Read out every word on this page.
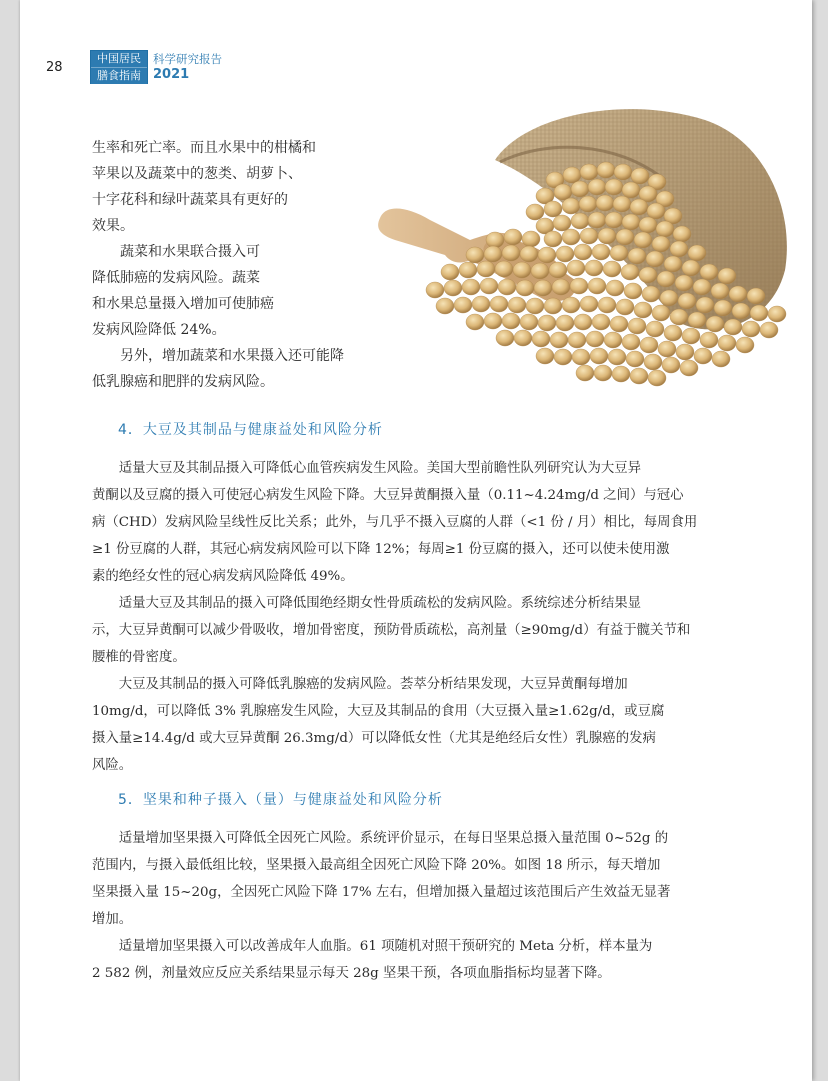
28
中国居民
膳食指南
科学研究报告
2021
生率和死亡率。而且水果中的柑橘和
苹果以及蔬菜中的葱类、胡萝卜、
十字花科和绿叶蔬菜具有更好的
效果。
　　蔬菜和水果联合摄入可
降低肺癌的发病风险。蔬菜
和水果总量摄入增加可使肺癌
发病风险降低 24%。
　　另外，增加蔬菜和水果摄入还可能降
低乳腺癌和肥胖的发病风险。
4．大豆及其制品与健康益处和风险分析
　　适量大豆及其制品摄入可降低心血管疾病发生风险。美国大型前瞻性队列研究认为大豆异
黄酮以及豆腐的摄入可使冠心病发生风险下降。大豆异黄酮摄入量（0.11~4.24mg/d 之间）与冠心
病（CHD）发病风险呈线性反比关系；此外，与几乎不摄入豆腐的人群（<1 份 / 月）相比，每周食用
≥1 份豆腐的人群，其冠心病发病风险可以下降 12%；每周≥1 份豆腐的摄入，还可以使未使用激
素的绝经女性的冠心病发病风险降低 49%。
　　适量大豆及其制品的摄入可降低围绝经期女性骨质疏松的发病风险。系统综述分析结果显
示，大豆异黄酮可以减少骨吸收，增加骨密度，预防骨质疏松，高剂量（≥90mg/d）有益于髋关节和
腰椎的骨密度。
　　大豆及其制品的摄入可降低乳腺癌的发病风险。荟萃分析结果发现，大豆异黄酮每增加
10mg/d，可以降低 3% 乳腺癌发生风险，大豆及其制品的食用（大豆摄入量≥1.62g/d，或豆腐
摄入量≥14.4g/d 或大豆异黄酮 26.3mg/d）可以降低女性（尤其是绝经后女性）乳腺癌的发病
风险。
5．坚果和种子摄入（量）与健康益处和风险分析
　　适量增加坚果摄入可降低全因死亡风险。系统评价显示，在每日坚果总摄入量范围 0~52g 的
范围内，与摄入最低组比较，坚果摄入最高组全因死亡风险下降 20%。如图 18 所示，每天增加
坚果摄入量 15~20g，全因死亡风险下降 17% 左右，但增加摄入量超过该范围后产生效益无显著
增加。
　　适量增加坚果摄入可以改善成年人血脂。61 项随机对照干预研究的 Meta 分析，样本量为
2 582 例，剂量效应反应关系结果显示每天 28g 坚果干预，各项血脂指标均显著下降。
